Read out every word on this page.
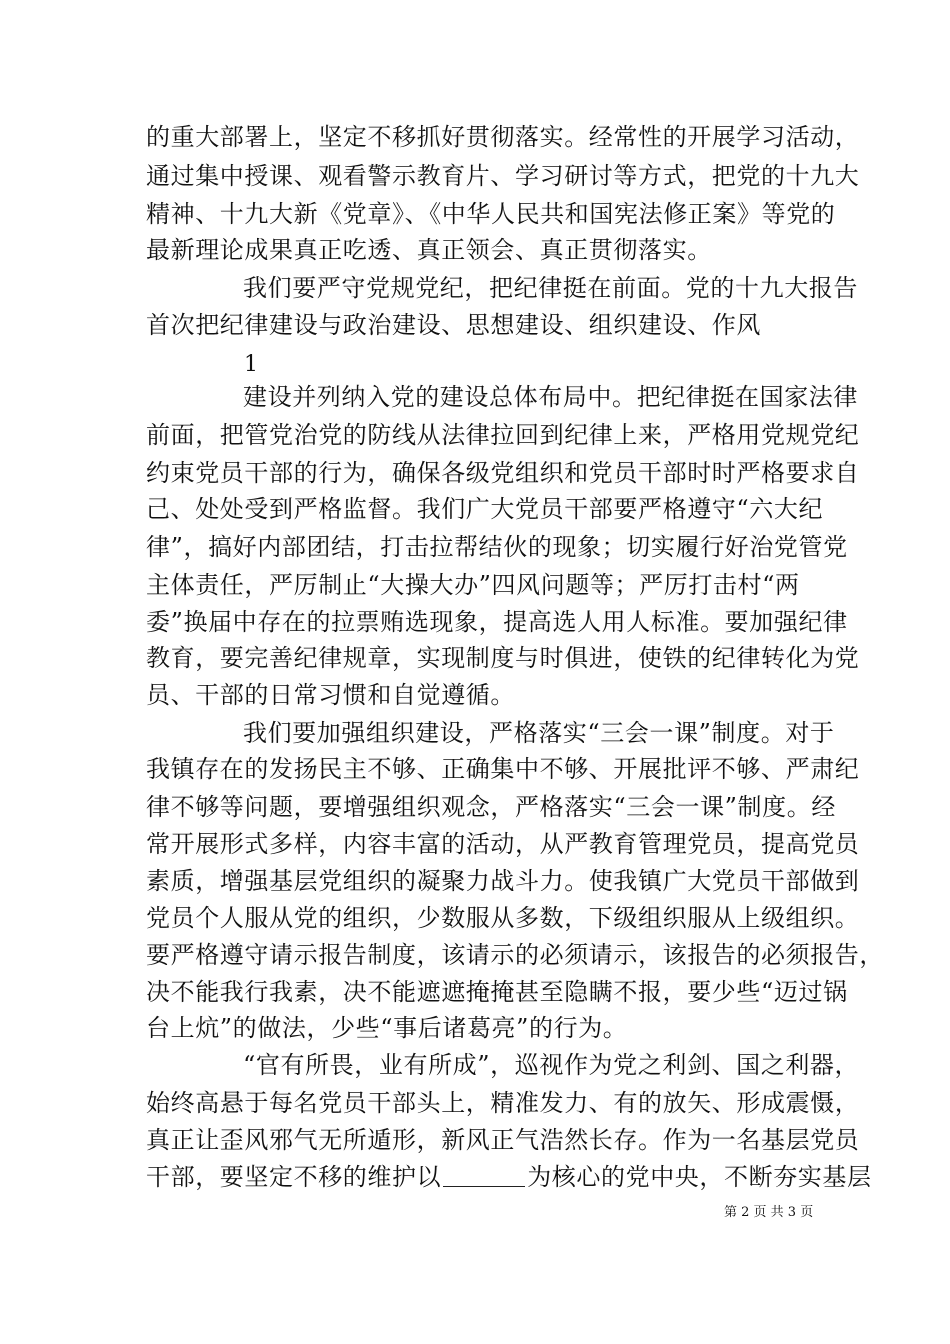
的重大部署上，坚定不移抓好贯彻落实。经常性的开展学习活动，
通过集中授课、观看警示教育片、学习研讨等方式，把党的十九大
精神、十九大新《党章》、《中华人民共和国宪法修正案》等党的
最新理论成果真正吃透、真正领会、真正贯彻落实。
我们要严守党规党纪，把纪律挺在前面。党的十九大报告
首次把纪律建设与政治建设、思想建设、组织建设、作风
1
建设并列纳入党的建设总体布局中。把纪律挺在国家法律
前面，把管党治党的防线从法律拉回到纪律上来，严格用党规党纪
约束党员干部的行为，确保各级党组织和党员干部时时严格要求自
己、处处受到严格监督。我们广大党员干部要严格遵守“六大纪
律”，搞好内部团结，打击拉帮结伙的现象；切实履行好治党管党
主体责任，严厉制止“大操大办”四风问题等；严厉打击村“两
委”换届中存在的拉票贿选现象，提高选人用人标准。要加强纪律
教育，要完善纪律规章，实现制度与时俱进，使铁的纪律转化为党
员、干部的日常习惯和自觉遵循。
我们要加强组织建设，严格落实“三会一课”制度。对于
我镇存在的发扬民主不够、正确集中不够、开展批评不够、严肃纪
律不够等问题，要增强组织观念，严格落实“三会一课”制度。经
常开展形式多样，内容丰富的活动，从严教育管理党员，提高党员
素质，增强基层党组织的凝聚力战斗力。使我镇广大党员干部做到
党员个人服从党的组织，少数服从多数，下级组织服从上级组织。
要严格遵守请示报告制度，该请示的必须请示，该报告的必须报告，
决不能我行我素，决不能遮遮掩掩甚至隐瞒不报，要少些“迈过锅
台上炕”的做法，少些“事后诸葛亮”的行为。
“官有所畏，业有所成”，巡视作为党之利剑、国之利器，
始终高悬于每名党员干部头上，精准发力、有的放矢、形成震慑，
真正让歪风邪气无所遁形，新风正气浩然长存。作为一名基层党员
干部，要坚定不移的维护以	为核心的党中央，不断夯实基层
第 2 页 共 3 页
